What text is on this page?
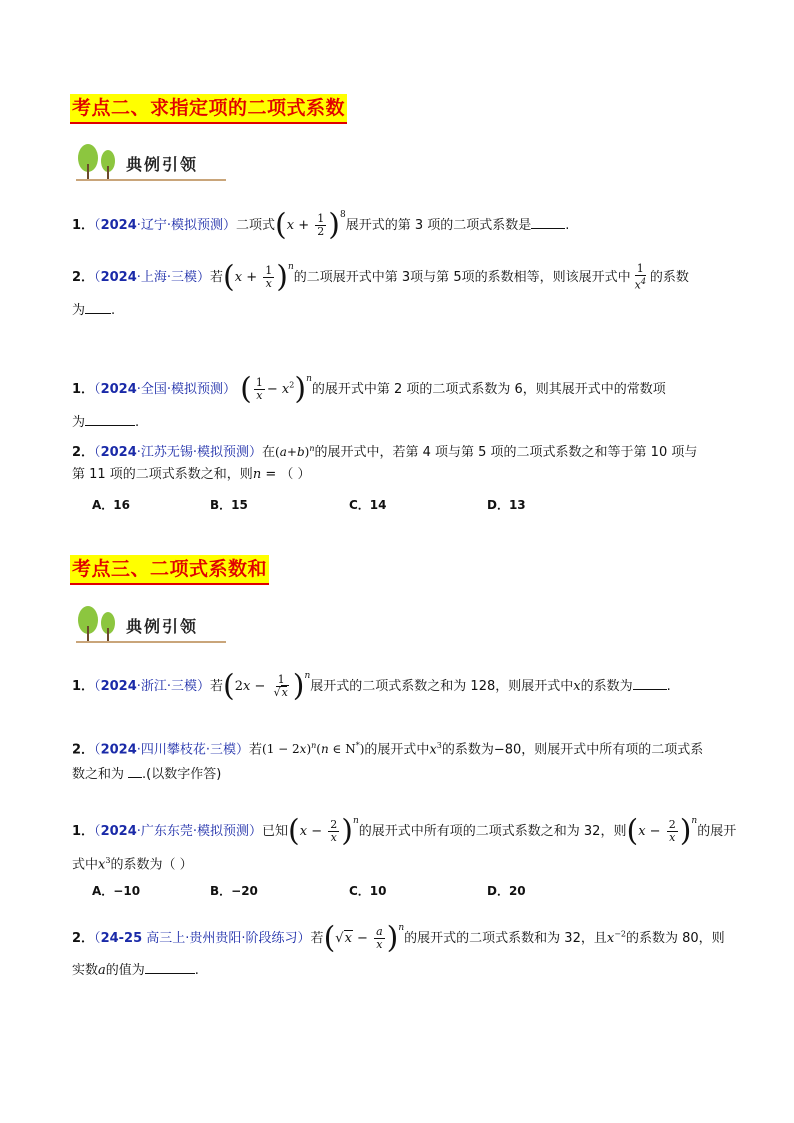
考点二、求指定项的二项式系数
典例引领
1．（2024·辽宁·模拟预测）二项式$(x + \frac{1}{2} )^8$展开式的第 3 项的二项式系数是	.
2．（2024·上海·三模）若$(x + \frac{1}{x} )^n$的二项展开式中第 3项与第 5项的系数相等，则该展开式中 $\frac{1}{x^4}$ 的系数
为 .
1．（2024·全国·模拟预测） ( $\frac{1}{x} - x^2)^n$的展开式中第 2 项的二项式系数为 6，则其展开式中的常数项
为	.
2．（2024·江苏无锡·模拟预测）在$(a+b)^n$的展开式中，若第 4 项与第 5 项的二项式系数之和等于第 10 项与
第 11 项的二项式系数之和，则n = （ ）
A．16	B．15	C．14	D．13
考点三、二项式系数和
典例引领
1．（2024·浙江·三模）若$(2x - \frac{1}{√x} )^n$展开式的二项式系数之和为 128，则展开式中x的系数为	.
2．（2024·四川攀枝花·三模）若$(1 - 2x)^n(n$ ∈ N*)的展开式中$x^3$的系数为−80，则展开式中所有项的二项式系
数之和为 .(以数字作答)
1．（2024·广东东莞·模拟预测）已知$(x - \frac{2}{x} )^n$的展开式中所有项的二项式系数之和为 32，则$(x - \frac{2}{x} )^n$的展开
式中$x^3$的系数为（ ）
A．−10	B．−20	C．10	D．20
2．（24-25 高三上·贵州贵阳·阶段练习）若$(√x - \frac{a}{x} )^n$的展开式的二项式系数和为 32，且$x^{-2}$的系数为 80，则
实数a的值为	.
